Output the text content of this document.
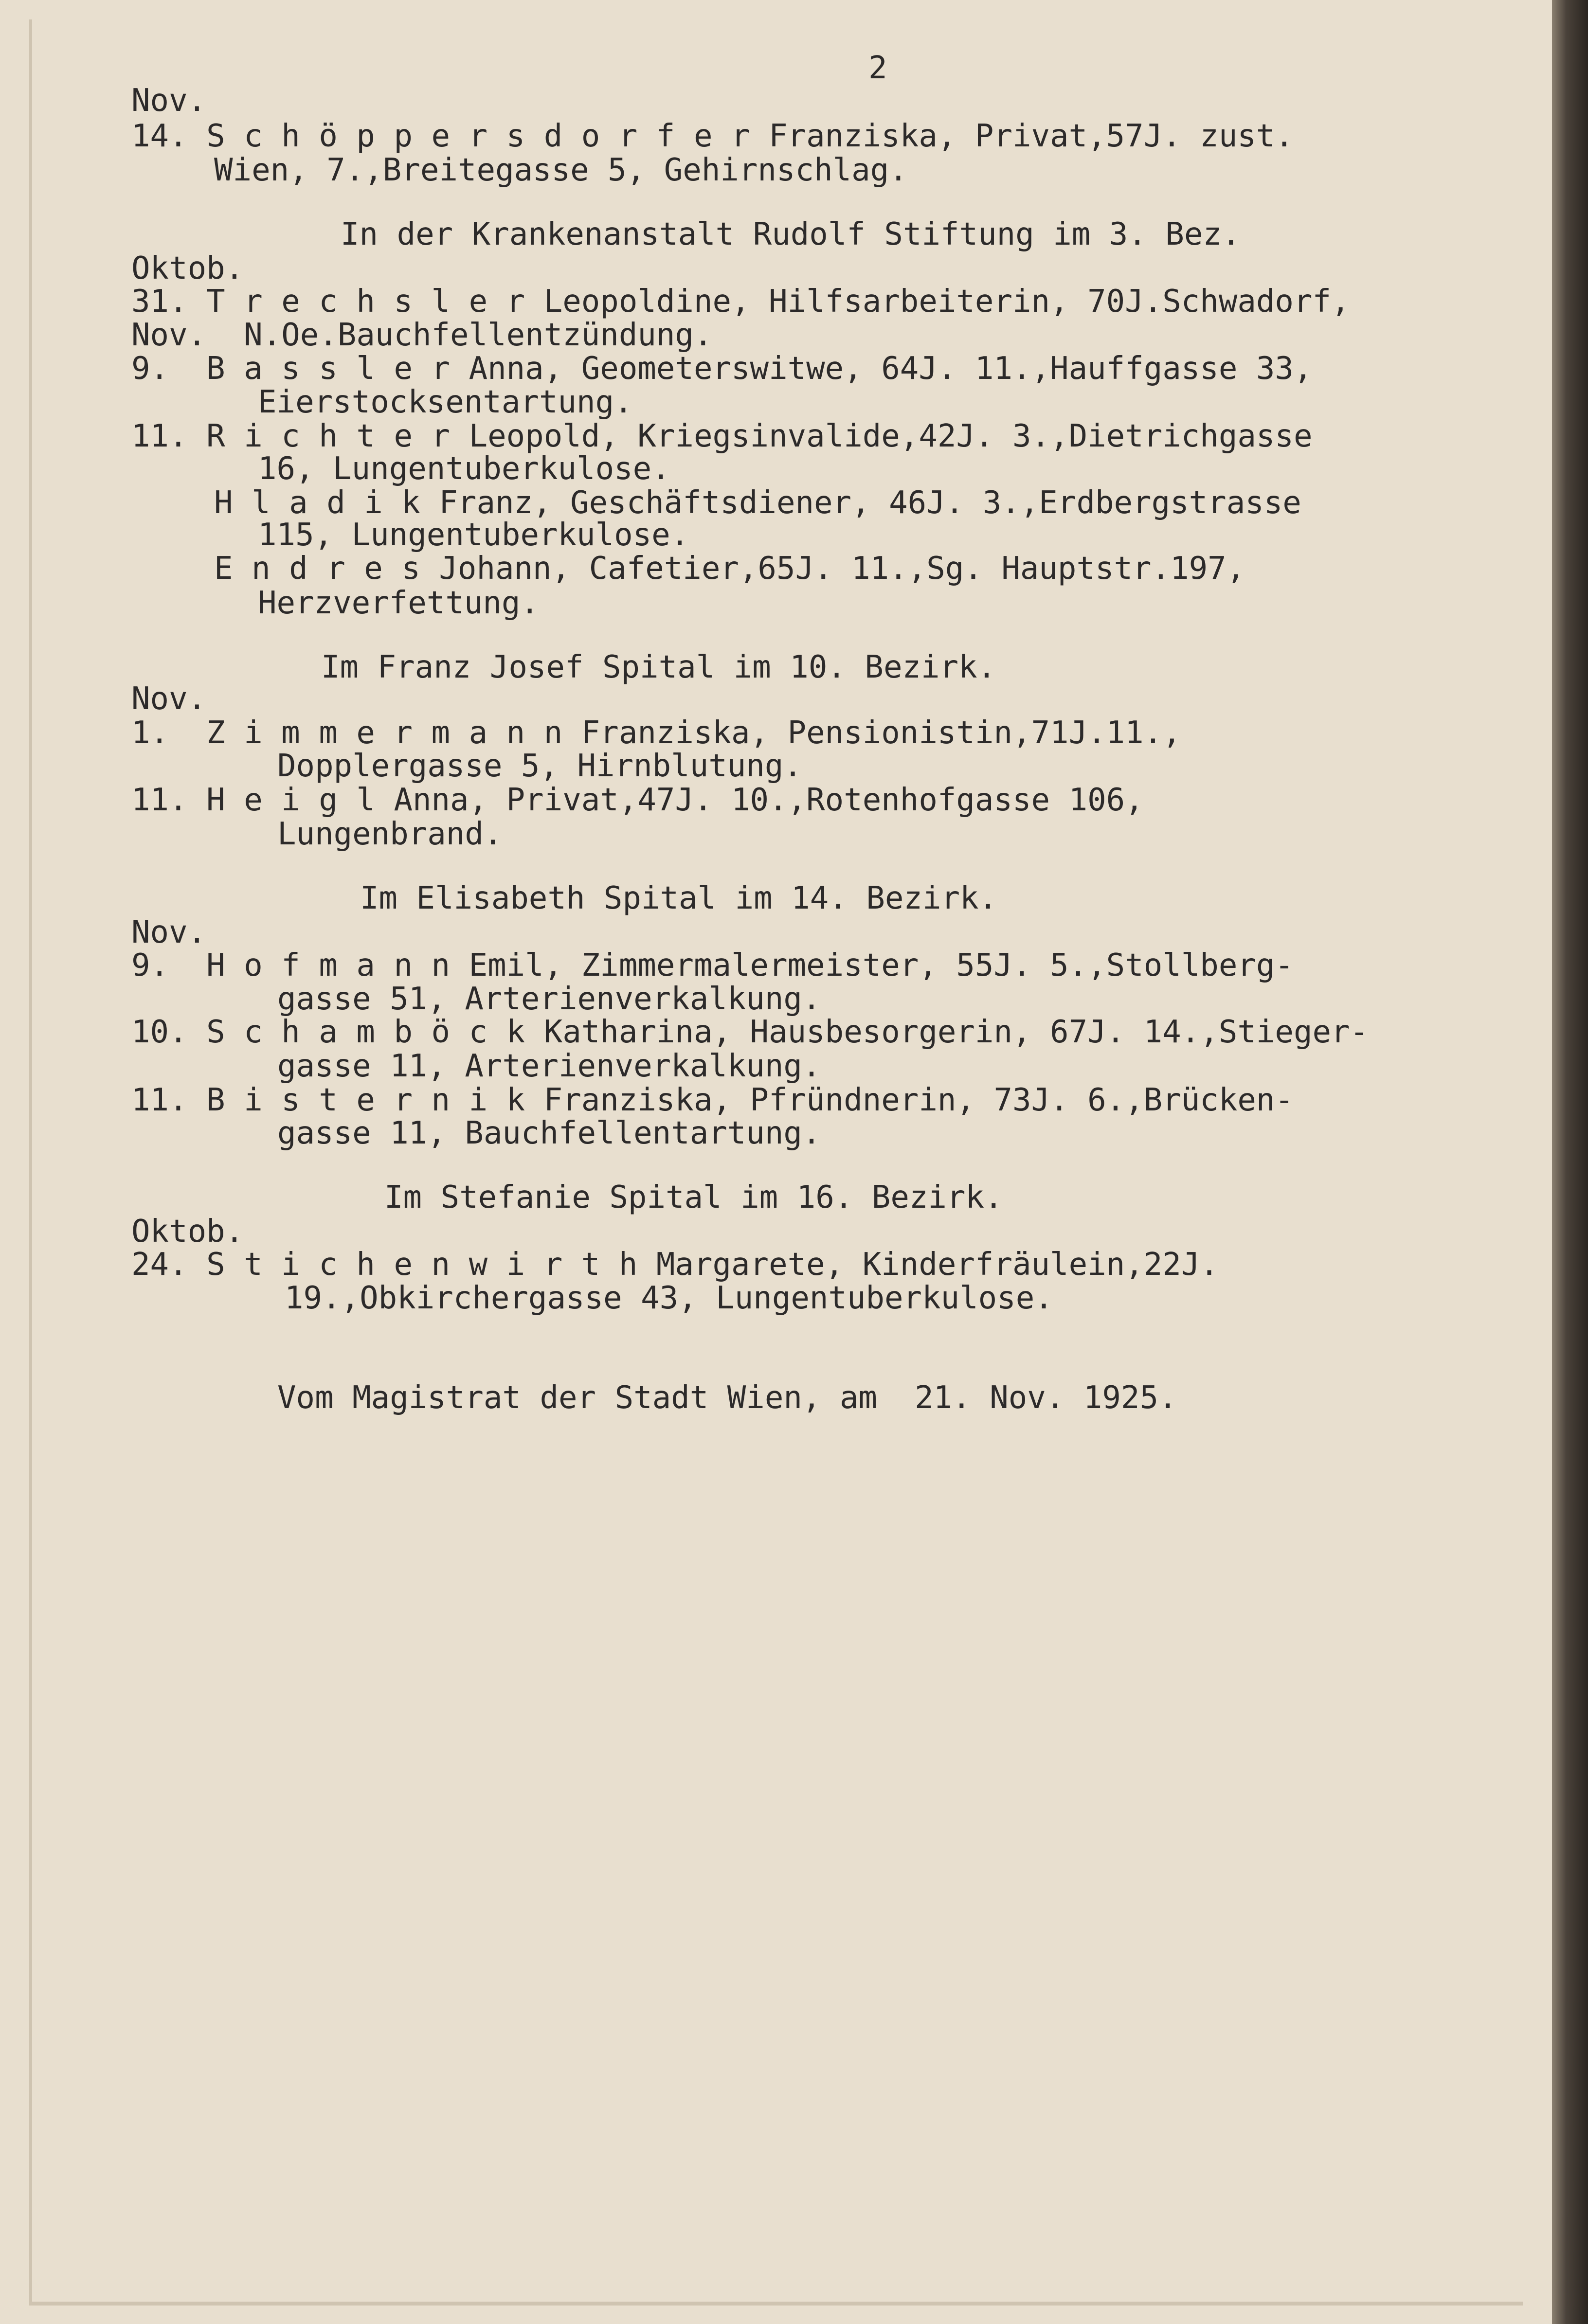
2
Nov.
14. S c h ö p p e r s d o r f e r Franziska, Privat,57J. zust.
Wien, 7.,Breitegasse 5, Gehirnschlag.
In der Krankenanstalt Rudolf Stiftung im 3. Bez.
Oktob.
31. T r e c h s l e r Leopoldine, Hilfsarbeiterin, 70J.Schwadorf,
Nov.  N.Oe.Bauchfellentzündung.
9.  B a s s l e r Anna, Geometerswitwe, 64J. 11.,Hauffgasse 33,
Eierstocksentartung.
11. R i c h t e r Leopold, Kriegsinvalide,42J. 3.,Dietrichgasse
16, Lungentuberkulose.
H l a d i k Franz, Geschäftsdiener, 46J. 3.,Erdbergstrasse
115, Lungentuberkulose.
E n d r e s Johann, Cafetier,65J. 11.,Sg. Hauptstr.197,
Herzverfettung.
Im Franz Josef Spital im 10. Bezirk.
Nov.
1.  Z i m m e r m a n n Franziska, Pensionistin,71J.11.,
Dopplergasse 5, Hirnblutung.
11. H e i g l Anna, Privat,47J. 10.,Rotenhofgasse 106,
Lungenbrand.
Im Elisabeth Spital im 14. Bezirk.
Nov.
9.  H o f m a n n Emil, Zimmermalermeister, 55J. 5.,Stollberg-
gasse 51, Arterienverkalkung.
10. S c h a m b ö c k Katharina, Hausbesorgerin, 67J. 14.,Stieger-
gasse 11, Arterienverkalkung.
11. B i s t e r n i k Franziska, Pfründnerin, 73J. 6.,Brücken-
gasse 11, Bauchfellentartung.
Im Stefanie Spital im 16. Bezirk.
Oktob.
24. S t i c h e n w i r t h Margarete, Kinderfräulein,22J.
19.,Obkirchergasse 43, Lungentuberkulose.
Vom Magistrat der Stadt Wien, am  21. Nov. 1925.
